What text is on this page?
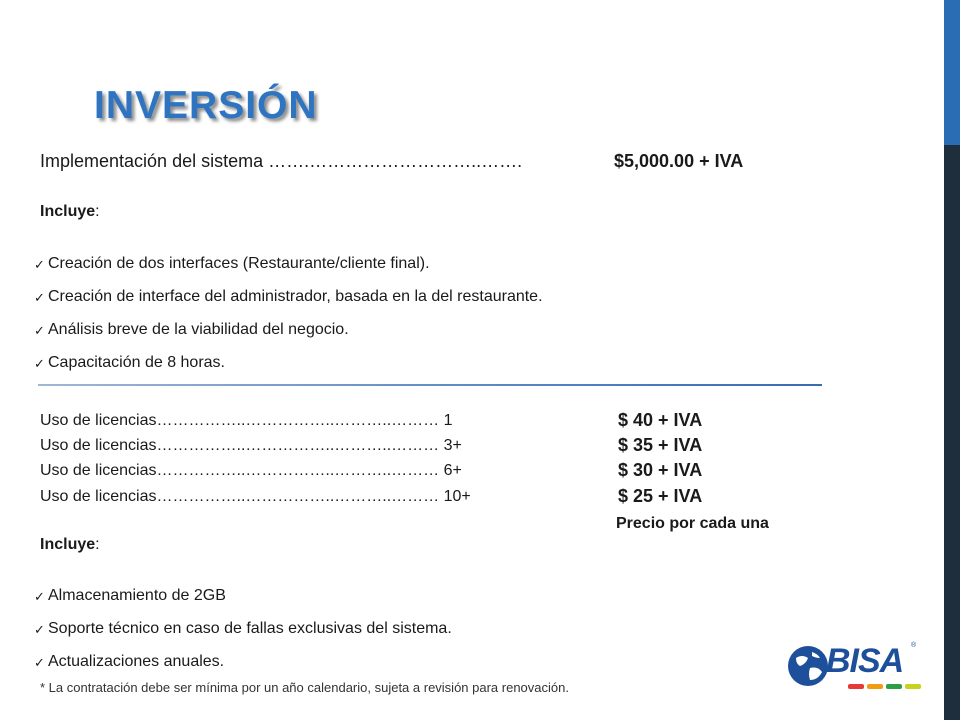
INVERSIÓN
Implementación del sistema …….………………………..…….	$5,000.00 + IVA
Incluye:
✓ Creación de dos interfaces (Restaurante/cliente final).
✓ Creación de interface del administrador, basada en la del restaurante.
✓ Análisis breve de la viabilidad del negocio.
✓ Capacitación de 8 horas.
Uso de licencias……………..……………..………..……… 1	$ 40 + IVA
Uso de licencias……………..……………..………..……… 3+	$ 35 + IVA
Uso de licencias……………..……………..………..……… 6+	$ 30 + IVA
Uso de licencias……………..……………..………..……… 10+	$ 25 + IVA
Precio por cada una
Incluye:
✓ Almacenamiento de 2GB
✓ Soporte técnico en caso de fallas exclusivas del sistema.
✓ Actualizaciones anuales.
* La contratación debe ser mínima por un año calendario, sujeta a revisión para renovación.
BISA ®
